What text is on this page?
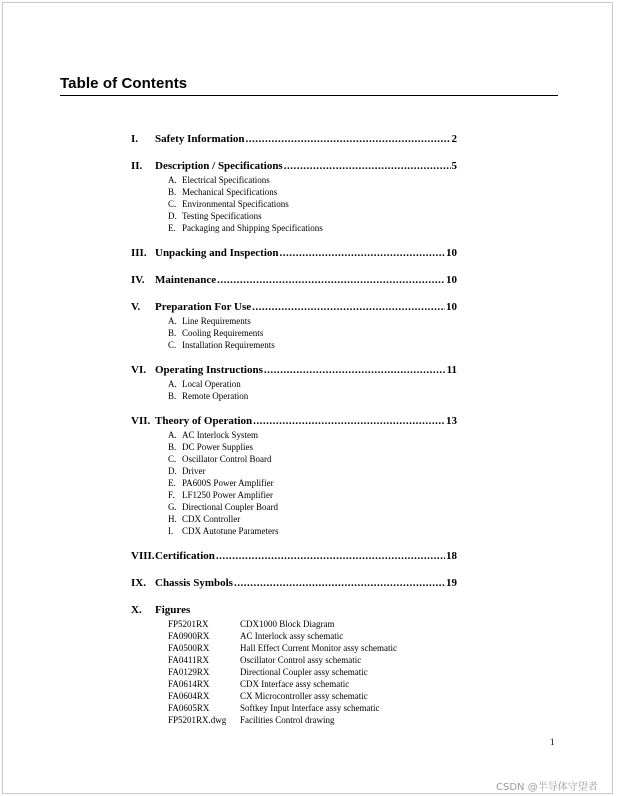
Table of Contents
I.	Safety Information .....	2
II.	Description / Specifications .....	5
A. Electrical Specifications
B. Mechanical Specifications
C. Environmental Specifications
D. Testing Specifications
E. Packaging and Shipping Specifications
III. Unpacking and Inspection .....	10
IV. Maintenance .....	10
V.	Preparation For Use .....	10
A. Line Requirements
B. Cooling Requirements
C. Installation Requirements
VI. Operating Instructions .....	11
A. Local Operation
B. Remote Operation
VII. Theory of Operation .....	13
A. AC Interlock System
B. DC Power Supplies
C. Oscillator Control Board
D. Driver
E. PA600S Power Amplifier
F. LF1250 Power Amplifier
G. Directional Coupler Board
H. CDX Controller
I. CDX Autotune Parameters
VIII. Certification .....	18
IX. Chassis Symbols .....	19
X.	Figures
FP5201RX	CDX1000 Block Diagram
FA0900RX	AC Interlock assy schematic
FA0500RX	Hall Effect Current Monitor assy schematic
FA0411RX	Oscillator Control assy schematic
FA0129RX	Directional Coupler assy schematic
FA0614RX	CDX Interface assy schematic
FA0604RX	CX Microcontroller assy schematic
FA0605RX	Softkey Input Interface assy schematic
FP5201RX.dwg Facilities Control drawing
1
CSDN @半导体守望者
